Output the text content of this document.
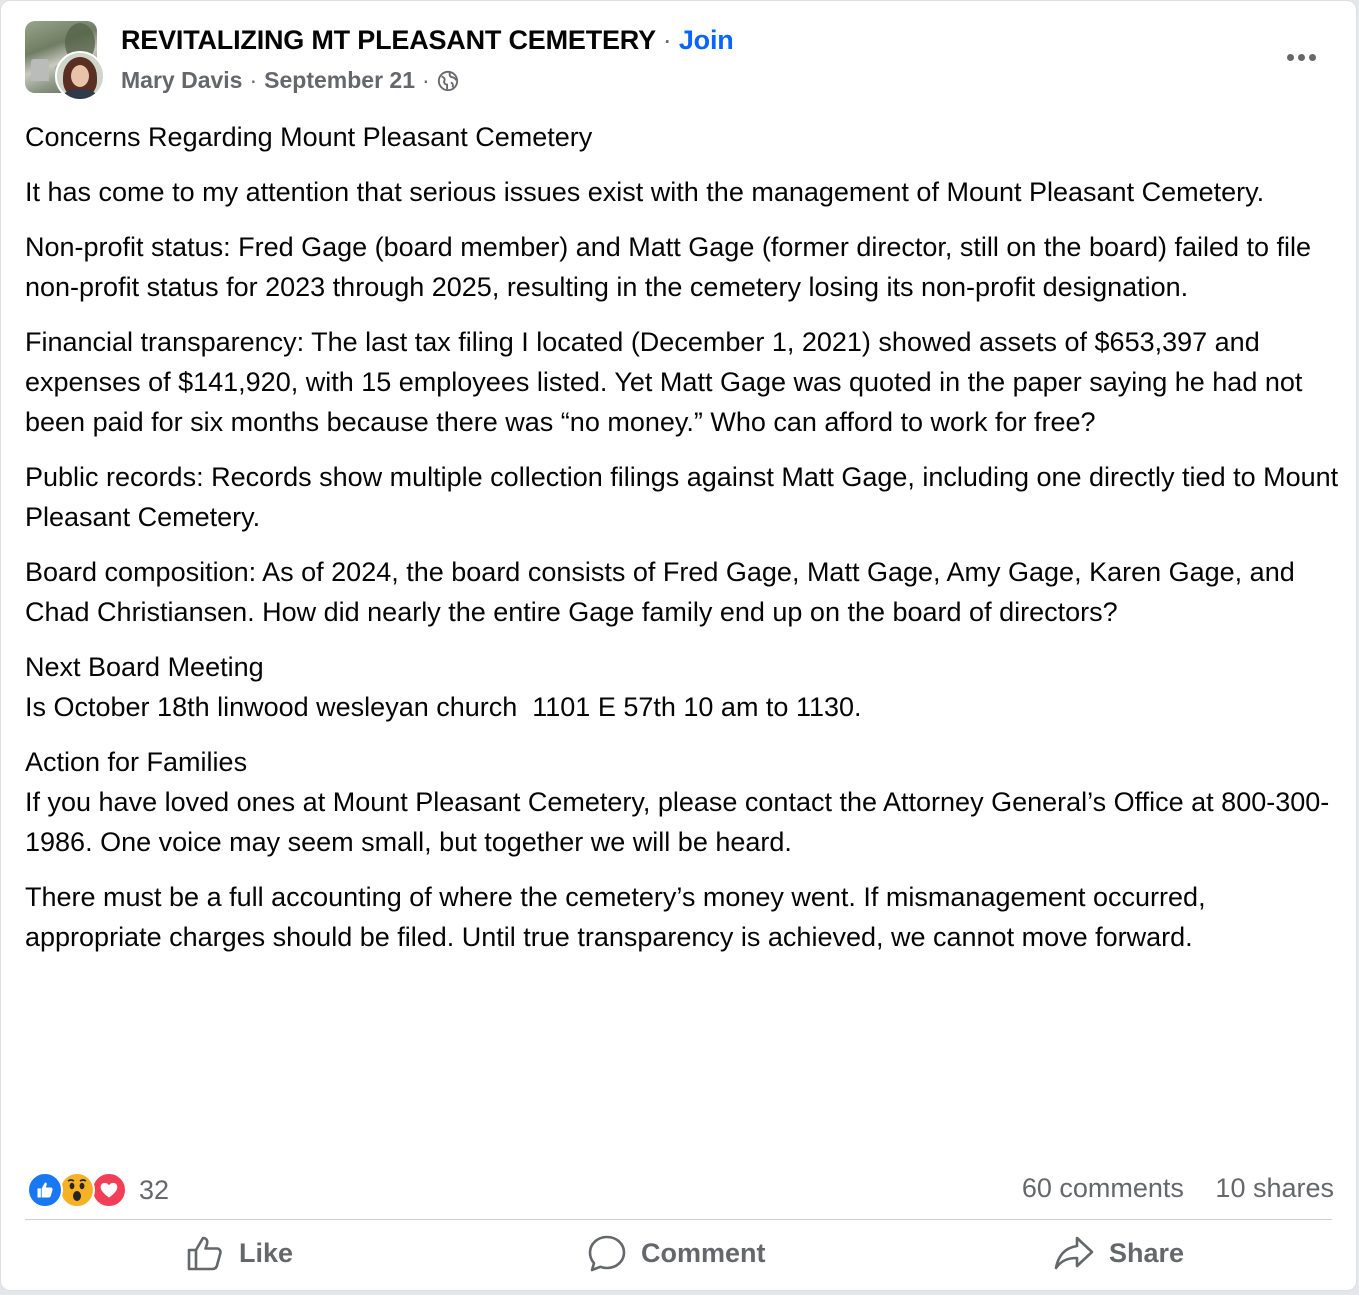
REVITALIZING MT PLEASANT CEMETERY · Join
Mary Davis · September 21 ·

Concerns Regarding Mount Pleasant Cemetery

It has come to my attention that serious issues exist with the management of Mount Pleasant Cemetery.

Non-profit status: Fred Gage (board member) and Matt Gage (former director, still on the board) failed to file non-profit status for 2023 through 2025, resulting in the cemetery losing its non-profit designation.

Financial transparency: The last tax filing I located (December 1, 2021) showed assets of $653,397 and expenses of $141,920, with 15 employees listed. Yet Matt Gage was quoted in the paper saying he had not been paid for six months because there was “no money.” Who can afford to work for free?

Public records: Records show multiple collection filings against Matt Gage, including one directly tied to Mount Pleasant Cemetery.

Board composition: As of 2024, the board consists of Fred Gage, Matt Gage, Amy Gage, Karen Gage, and Chad Christiansen. How did nearly the entire Gage family end up on the board of directors?

Next Board Meeting
Is October 18th linwood wesleyan church  1101 E 57th 10 am to 1130.

Action for Families
If you have loved ones at Mount Pleasant Cemetery, please contact the Attorney General’s Office at 800-300-1986. One voice may seem small, but together we will be heard.

There must be a full accounting of where the cemetery’s money went. If mismanagement occurred, appropriate charges should be filed. Until true transparency is achieved, we cannot move forward.

32	60 comments 10 shares
Like	Comment	Share
